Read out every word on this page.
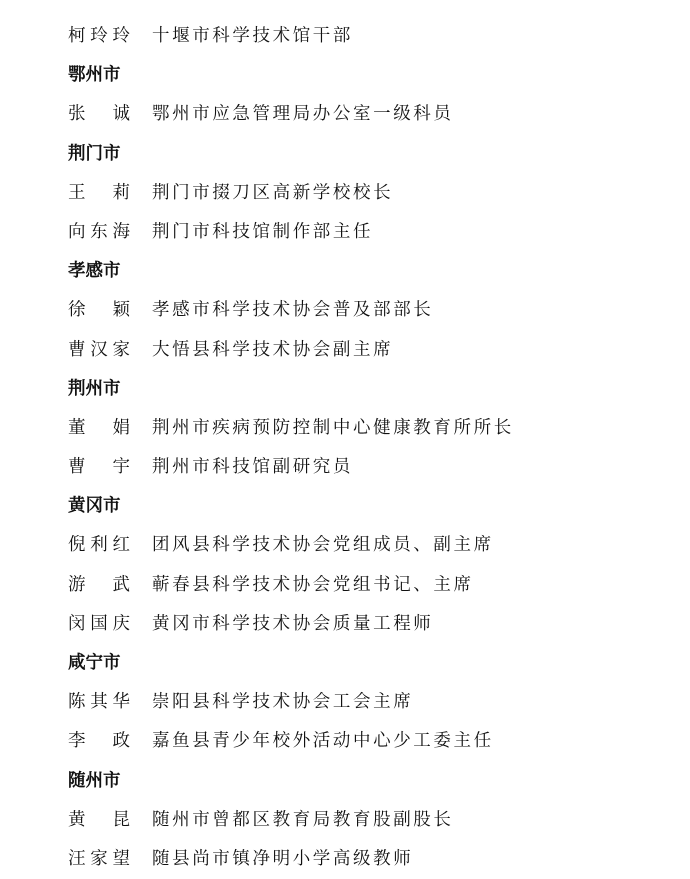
柯玲玲 十堰市科学技术馆干部
鄂州市
张诚 鄂州市应急管理局办公室一级科员
荆门市
王莉 荆门市掇刀区高新学校校长
向东海 荆门市科技馆制作部主任
孝感市
徐颖 孝感市科学技术协会普及部部长
曹汉家 大悟县科学技术协会副主席
荆州市
董娟 荆州市疾病预防控制中心健康教育所所长
曹宇 荆州市科技馆副研究员
黄冈市
倪利红 团风县科学技术协会党组成员、副主席
游武 蕲春县科学技术协会党组书记、主席
闵国庆 黄冈市科学技术协会质量工程师
咸宁市
陈其华 崇阳县科学技术协会工会主席
李政 嘉鱼县青少年校外活动中心少工委主任
随州市
黄昆 随州市曾都区教育局教育股副股长
汪家望 随县尚市镇净明小学高级教师
